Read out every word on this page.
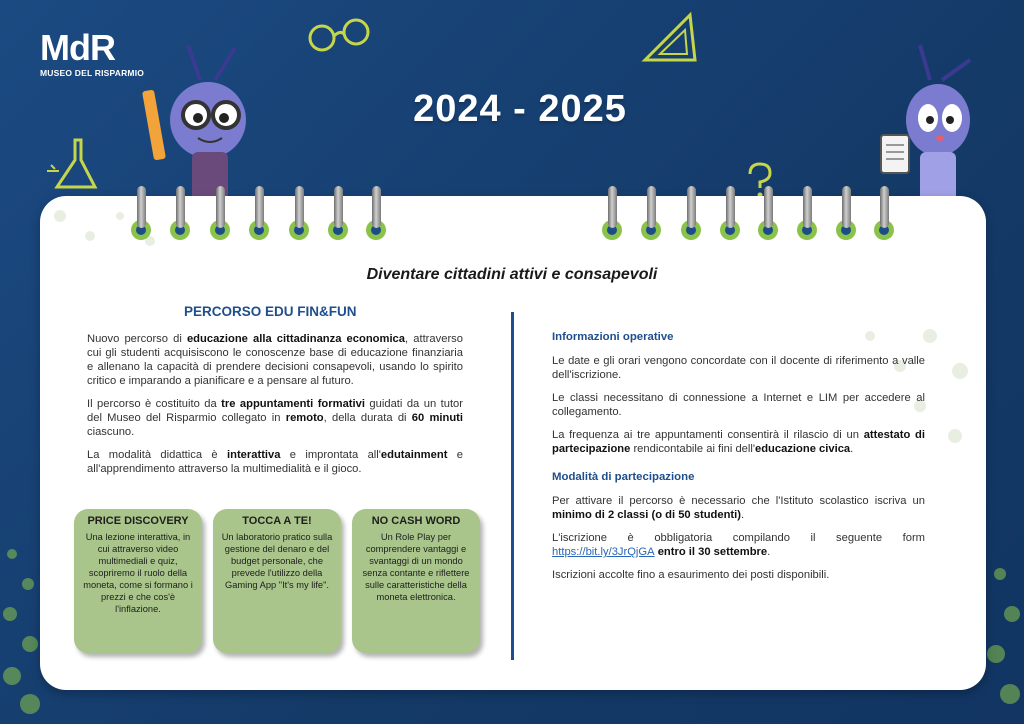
MdR
MUSEO DEL RISPARMIO
2024 - 2025
Diventare cittadini attivi e consapevoli
PERCORSO EDU FIN&FUN

Nuovo percorso di educazione alla cittadinanza economica, attraverso cui gli studenti acquisiscono le conoscenze base di educazione finanziaria e allenano la capacità di prendere decisioni consapevoli, usando lo spirito critico e imparando a pianificare e a pensare al futuro.

Il percorso è costituito da tre appuntamenti formativi guidati da un tutor del Museo del Risparmio collegato in remoto, della durata di 60 minuti ciascuno.

La modalità didattica è interattiva e improntata all'edutainment e all'apprendimento attraverso la multimedialità e il gioco.

PRICE DISCOVERY
Una lezione interattiva, in cui attraverso video multimediali e quiz, scopriremo il ruolo della moneta, come si formano i prezzi e che cos'è l'inflazione.
TOCCA A TE!
Un laboratorio pratico sulla gestione del denaro e del budget personale, che prevede l'utilizzo della Gaming App "It's my life".
NO CASH WORD
Un Role Play per comprendere vantaggi e svantaggi di un mondo senza contante e riflettere sulle caratteristiche della moneta elettronica.
Informazioni operative

Le date e gli orari vengono concordate con il docente di riferimento a valle dell'iscrizione.

Le classi necessitano di connessione a Internet e LIM per accedere al collegamento.

La frequenza ai tre appuntamenti consentirà il rilascio di un attestato di partecipazione rendicontabile ai fini dell'educazione civica.

Modalità di partecipazione

Per attivare il percorso è necessario che l'Istituto scolastico iscriva un minimo di 2 classi (o di 50 studenti).

L'iscrizione è obbligatoria compilando il seguente form https://bit.ly/3JrQjGA entro il 30 settembre.

Iscrizioni accolte fino a esaurimento dei posti disponibili.
